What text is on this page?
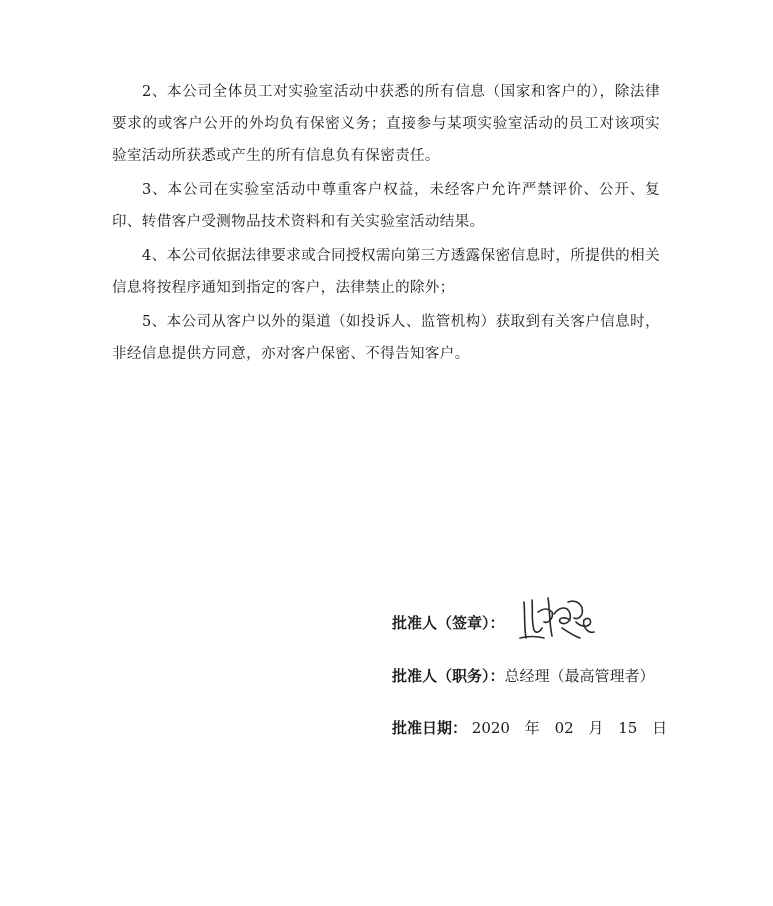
2、本公司全体员工对实验室活动中获悉的所有信息（国家和客户的），除法律要求的或客户公开的外均负有保密义务；直接参与某项实验室活动的员工对该项实验室活动所获悉或产生的所有信息负有保密责任。

3、本公司在实验室活动中尊重客户权益，未经客户允许严禁评价、公开、复印、转借客户受测物品技术资料和有关实验室活动结果。

4、本公司依据法律要求或合同授权需向第三方透露保密信息时，所提供的相关信息将按程序通知到指定的客户，法律禁止的除外；

5、本公司从客户以外的渠道（如投诉人、监管机构）获取到有关客户信息时，非经信息提供方同意，亦对客户保密、不得告知客户。

批准人（签章）：
批准人（职务）：总经理（最高管理者）
批准日期： 2020 年 02 月 15 日
